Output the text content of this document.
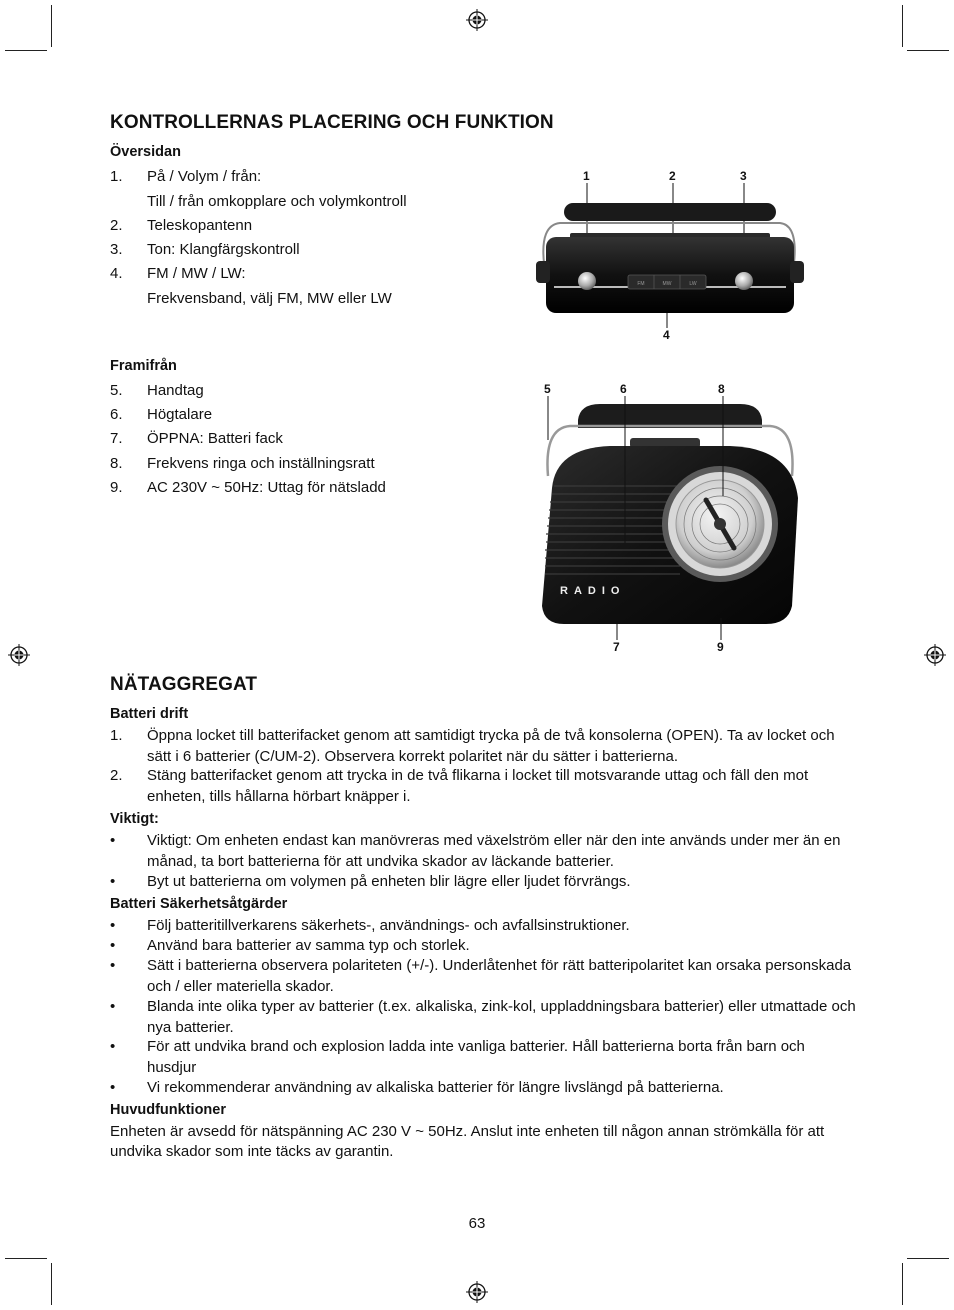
KONTROLLERNAS PLACERING OCH FUNKTION
Översidan
1. På / Volym / från:
Till / från omkopplare och volymkontroll
2. Teleskopantenn
3. Ton: Klangfärgskontroll
4. FM / MW / LW:
Frekvensband, välj FM, MW eller LW
FM	MW	LW
1	2	3
4
Framifrån
5. Handtag
6. Högtalare
7. ÖPPNA: Batteri fack
8. Frekvens ringa och inställningsratt
9. AC 230V ~ 50Hz: Uttag för nätsladd
RADIO
5	6	8
7	9
NÄTAGGREGAT
Batteri drift
1. Öppna locket till batterifacket genom att samtidigt trycka på de två konsolerna (OPEN). Ta av locket och sätt i 6 batterier (C/UM-2). Observera korrekt polaritet när du sätter i batterierna.
2. Stäng batterifacket genom att trycka in de två flikarna i locket till motsvarande uttag och fäll den mot enheten, tills hållarna hörbart knäpper i.
Viktigt:
• Viktigt: Om enheten endast kan manövreras med växelström eller när den inte används under mer än en månad, ta bort batterierna för att undvika skador av läckande batterier.
• Byt ut batterierna om volymen på enheten blir lägre eller ljudet förvrängs.
Batteri Säkerhetsåtgärder
• Följ batteritillverkarens säkerhets-, användnings- och avfallsinstruktioner.
• Använd bara batterier av samma typ och storlek.
• Sätt i batterierna observera polariteten (+/-). Underlåtenhet för rätt batteripolaritet kan orsaka personskada och / eller materiella skador.
• Blanda inte olika typer av batterier (t.ex. alkaliska, zink-kol, uppladdningsbara batterier) eller utmattade och nya batterier.
• För att undvika brand och explosion ladda inte vanliga batterier. Håll batterierna borta från barn och husdjur
• Vi rekommenderar användning av alkaliska batterier för längre livslängd på batterierna.
Huvudfunktioner
Enheten är avsedd för nätspänning AC 230 V ~ 50Hz. Anslut inte enheten till någon annan strömkälla för att undvika skador som inte täcks av garantin.
63
